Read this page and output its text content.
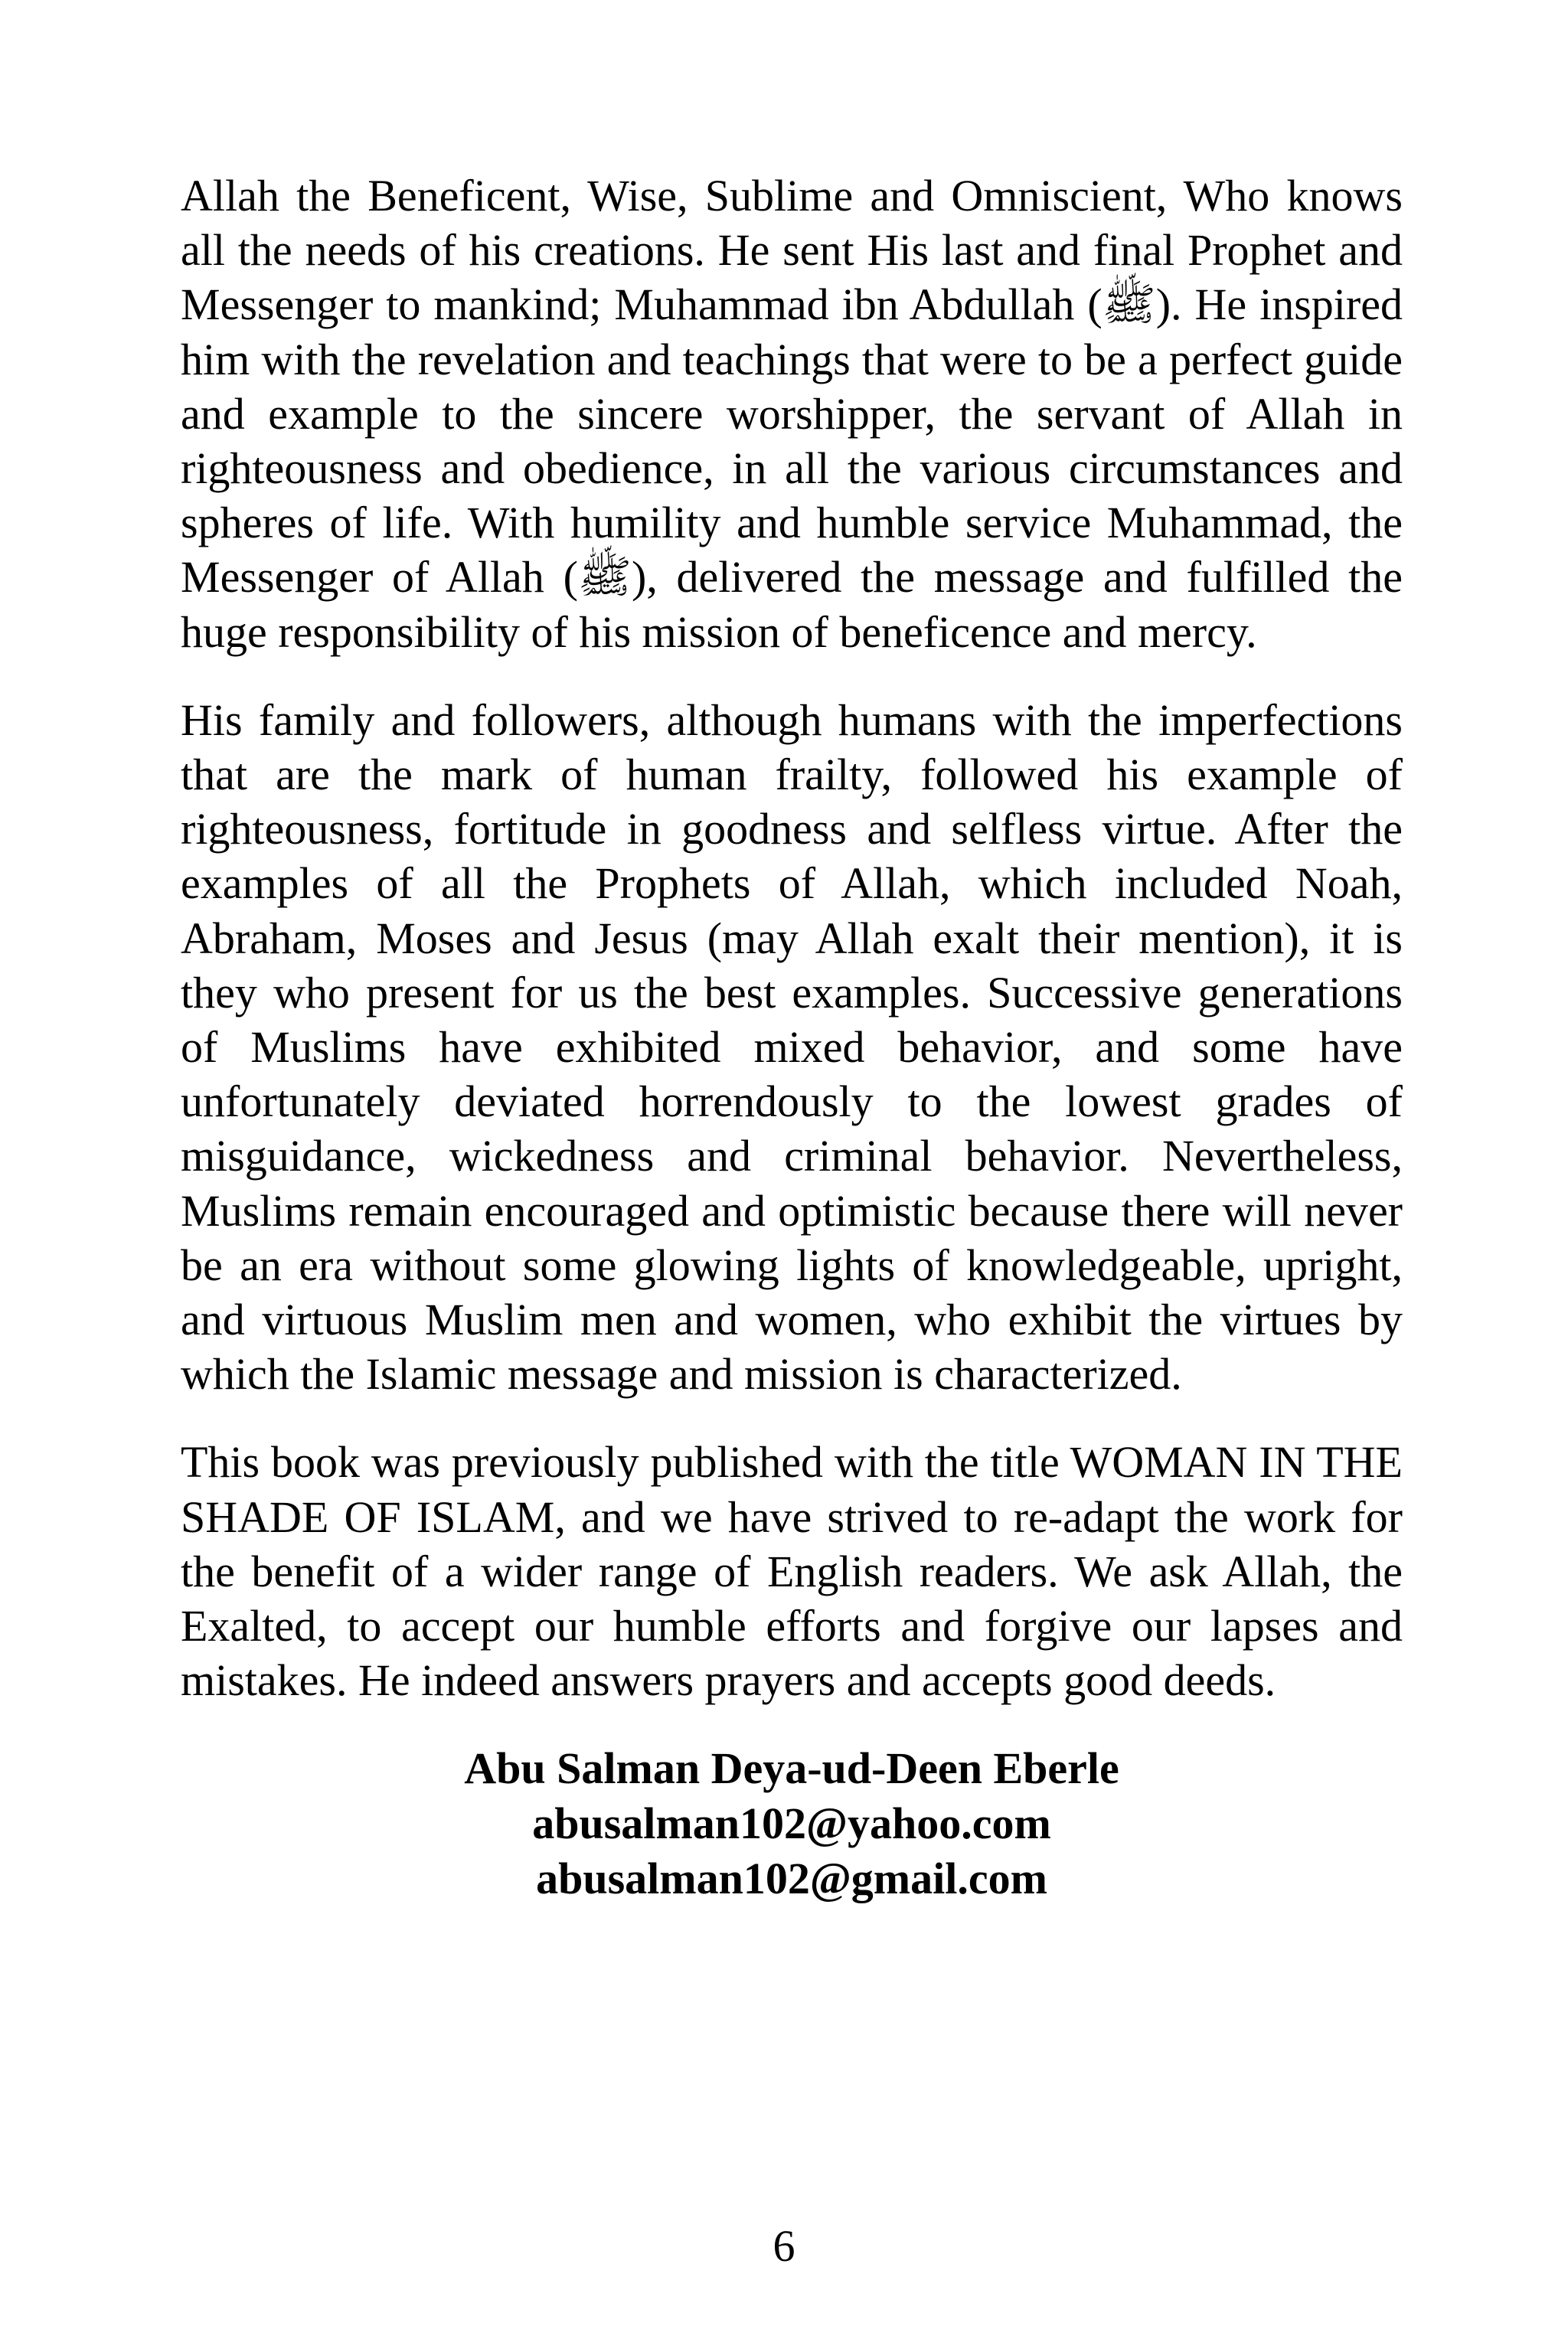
Allah the Beneficent, Wise, Sublime and Omniscient, Who knows all the needs of his creations. He sent His last and final Prophet and Messenger to mankind; Muhammad ibn Abdullah (ﷺ). He inspired him with the revelation and teachings that were to be a perfect guide and example to the sincere worshipper, the servant of Allah in righteousness and obedience, in all the various circumstances and spheres of life. With humility and humble service Muhammad, the Messenger of Allah (ﷺ), delivered the message and fulfilled the huge responsibility of his mission of beneficence and mercy.

His family and followers, although humans with the imperfections that are the mark of human frailty, followed his example of righteousness, fortitude in goodness and selfless virtue. After the examples of all the Prophets of Allah, which included Noah, Abraham, Moses and Jesus (may Allah exalt their mention), it is they who present for us the best examples. Successive generations of Muslims have exhibited mixed behavior, and some have unfortunately deviated horrendously to the lowest grades of misguidance, wickedness and criminal behavior. Nevertheless, Muslims remain encouraged and optimistic because there will never be an era without some glowing lights of knowledgeable, upright, and virtuous Muslim men and women, who exhibit the virtues by which the Islamic message and mission is characterized.

This book was previously published with the title WOMAN IN THE SHADE OF ISLAM, and we have strived to re-adapt the work for the benefit of a wider range of English readers. We ask Allah, the Exalted, to accept our humble efforts and forgive our lapses and mistakes. He indeed answers prayers and accepts good deeds.

Abu Salman Deya-ud-Deen Eberle
abusalman102@yahoo.com
abusalman102@gmail.com
6
